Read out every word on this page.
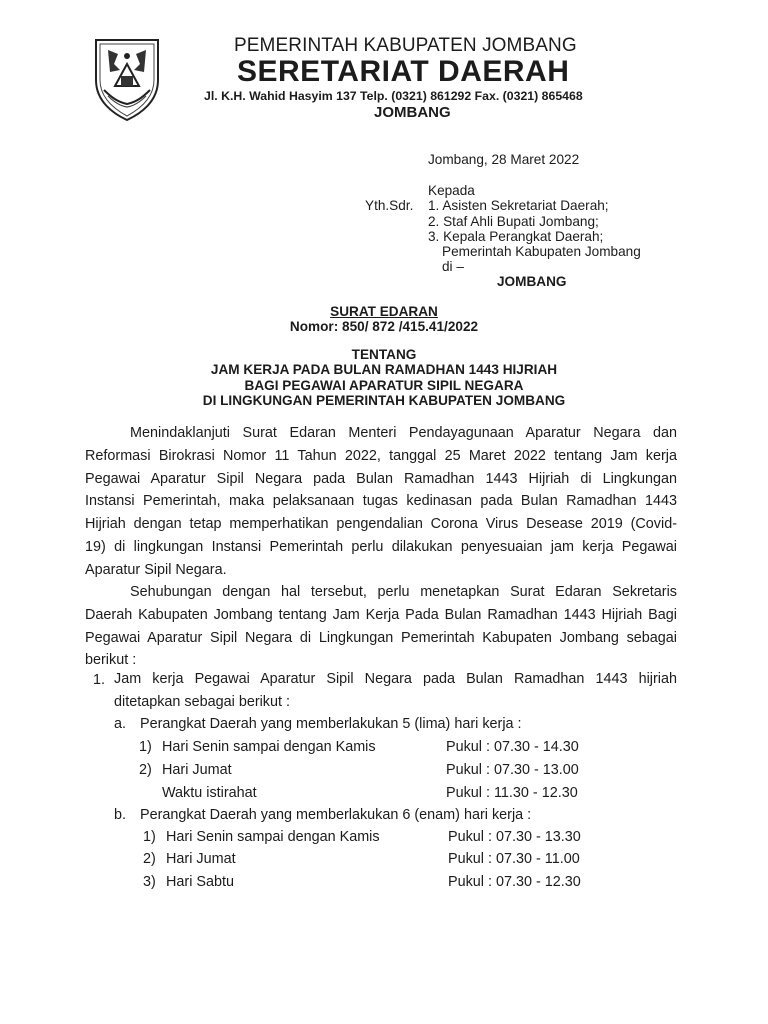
PEMERINTAH KABUPATEN JOMBANG
SERETARIAT DAERAH
Jl. K.H. Wahid Hasyim 137 Telp. (0321) 861292 Fax. (0321) 865468
JOMBANG
Jombang, 28 Maret 2022
Kepada
Yth.Sdr. 1. Asisten Sekretariat Daerah;
2. Staf Ahli Bupati Jombang;
3. Kepala Perangkat Daerah;
Pemerintah Kabupaten Jombang
di –
JOMBANG
SURAT EDARAN
Nomor: 850/ 872 /415.41/2022
TENTANG
JAM KERJA PADA BULAN RAMADHAN 1443 HIJRIAH
BAGI PEGAWAI APARATUR SIPIL NEGARA
DI LINGKUNGAN PEMERINTAH KABUPATEN JOMBANG
Menindaklanjuti Surat Edaran Menteri Pendayagunaan Aparatur Negara dan
Reformasi Birokrasi Nomor 11 Tahun 2022, tanggal 25 Maret 2022 tentang Jam kerja
Pegawai Aparatur Sipil Negara pada Bulan Ramadhan 1443 Hijriah di Lingkungan
Instansi Pemerintah, maka pelaksanaan tugas kedinasan pada Bulan Ramadhan 1443
Hijriah dengan tetap memperhatikan pengendalian Corona Virus Desease 2019 (Covid-
19) di lingkungan Instansi Pemerintah perlu dilakukan penyesuaian jam kerja Pegawai
Aparatur Sipil Negara.
Sehubungan dengan hal tersebut, perlu menetapkan Surat Edaran Sekretaris
Daerah Kabupaten Jombang tentang Jam Kerja Pada Bulan Ramadhan 1443 Hijriah Bagi
Pegawai Aparatur Sipil Negara di Lingkungan Pemerintah Kabupaten Jombang sebagai
berikut :
1. Jam kerja Pegawai Aparatur Sipil Negara pada Bulan Ramadhan 1443 hijriah
ditetapkan sebagai berikut :
a. Perangkat Daerah yang memberlakukan 5 (lima) hari kerja :
1) Hari Senin sampai dengan Kamis	Pukul : 07.30 - 14.30
2) Hari Jumat	Pukul : 07.30 - 13.00
Waktu istirahat	Pukul : 11.30 - 12.30
b. Perangkat Daerah yang memberlakukan 6 (enam) hari kerja :
1) Hari Senin sampai dengan Kamis	Pukul : 07.30 - 13.30
2) Hari Jumat	Pukul : 07.30 - 11.00
3) Hari Sabtu	Pukul : 07.30 - 12.30
